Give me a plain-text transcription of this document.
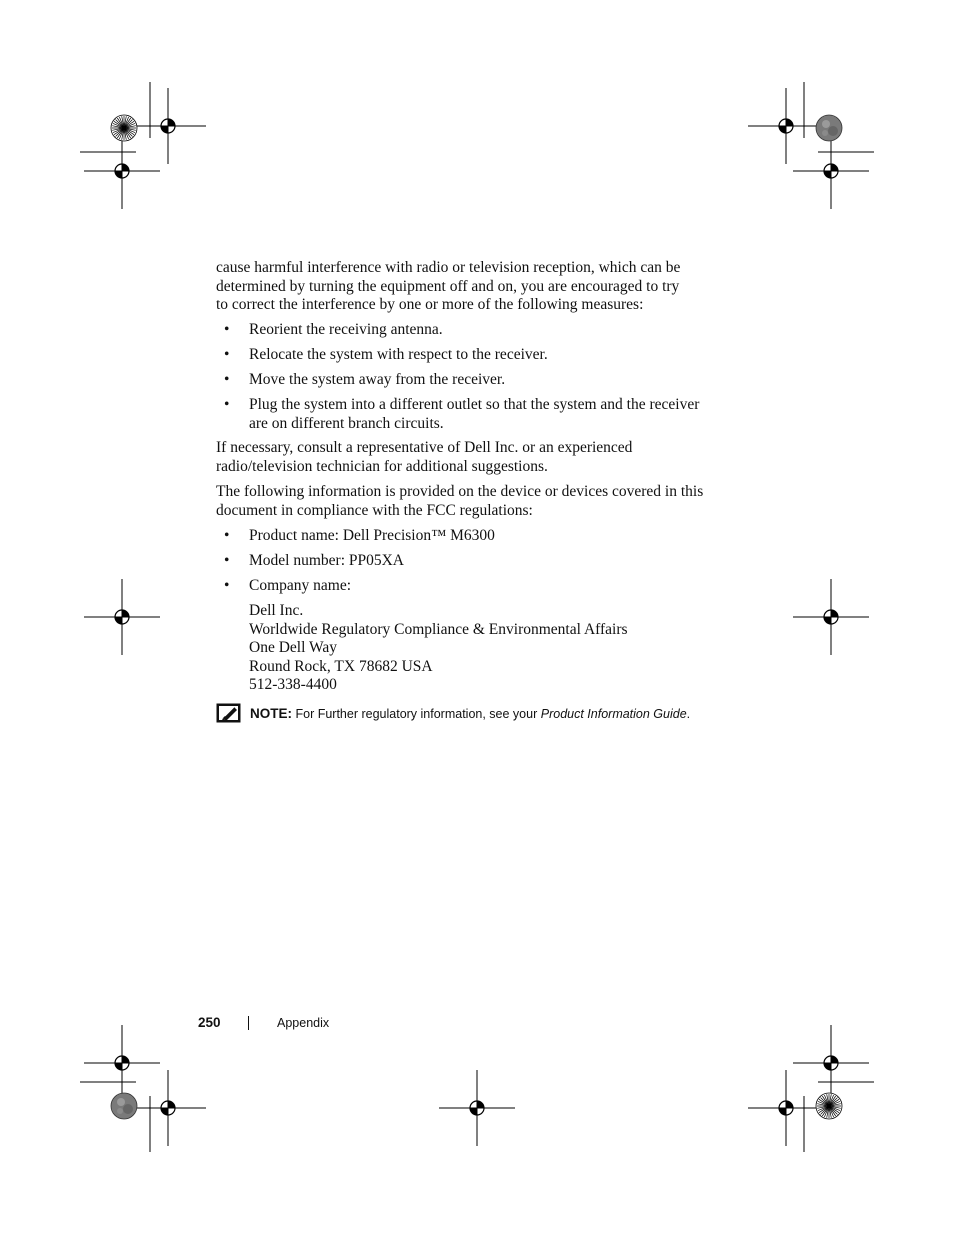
cause harmful interference with radio or television reception, which can be
determined by turning the equipment off and on, you are encouraged to try
to correct the interference by one or more of the following measures:
• Reorient the receiving antenna.
• Relocate the system with respect to the receiver.
• Move the system away from the receiver.
• Plug the system into a different outlet so that the system and the receiver
are on different branch circuits.
If necessary, consult a representative of Dell Inc. or an experienced
radio/television technician for additional suggestions.
The following information is provided on the device or devices covered in this
document in compliance with the FCC regulations:
• Product name: Dell Precision™ M6300
• Model number: PP05XA
• Company name:
Dell Inc.
Worldwide Regulatory Compliance & Environmental Affairs
One Dell Way
Round Rock, TX 78682 USA
512-338-4400
NOTE: For Further regulatory information, see your Product Information Guide.
250	Appendix
